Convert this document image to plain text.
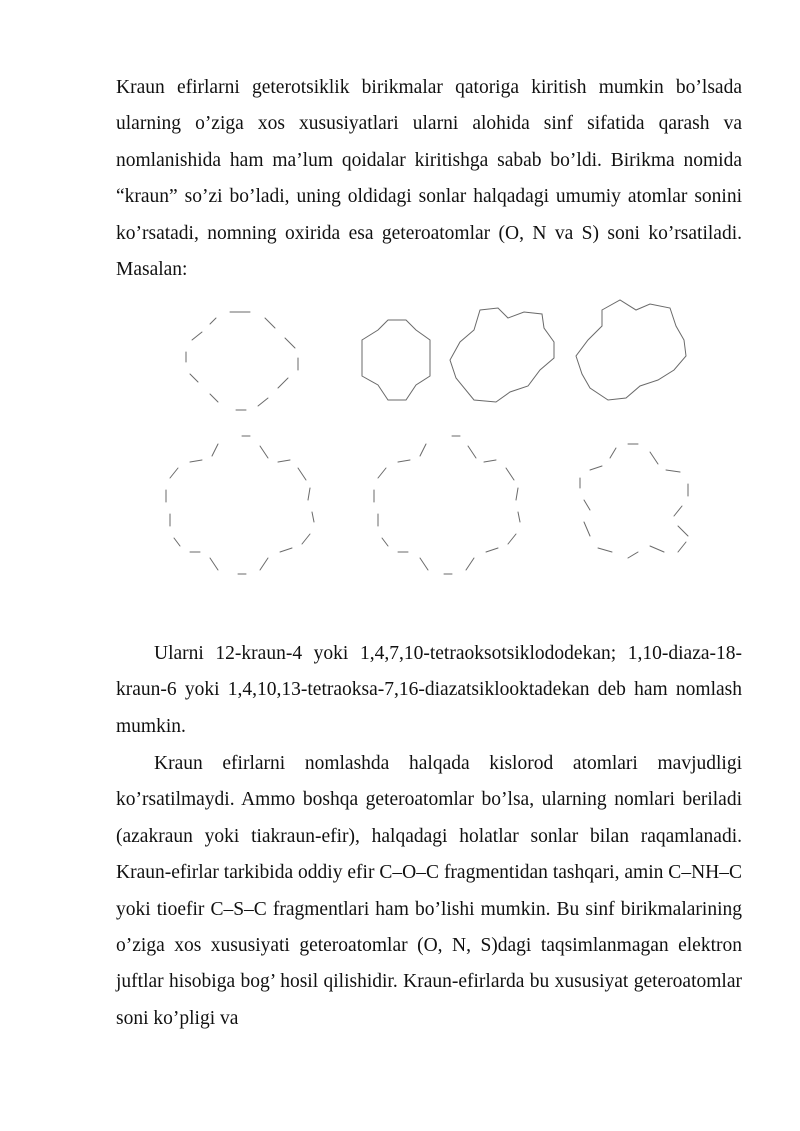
Kraun efirlarni geterotsiklik birikmalar qatoriga kiritish mumkin bo’lsada ularning o’ziga xos xususiyatlari ularni alohida sinf sifatida qarash va nomlanishida ham ma’lum qoidalar kiritishga sabab bo’ldi. Birikma nomida “kraun” so’zi bo’ladi, uning oldidagi sonlar halqadagi umumiy atomlar sonini ko’rsatadi, nomning oxirida esa geteroatomlar (O, N va S) soni ko’rsatiladi. Masalan:

Ularni 12-kraun-4 yoki 1,4,7,10-tetraoksotsiklododekan; 1,10-diaza-18-kraun-6 yoki 1,4,10,13-tetraoksa-7,16-diazatsiklooktadekan deb ham nomlash mumkin.

Kraun efirlarni nomlashda halqada kislorod atomlari mavjudligi ko’rsatilmaydi. Ammo boshqa geteroatomlar bo’lsa, ularning nomlari beriladi (azakraun yoki tiakraun-efir), halqadagi holatlar sonlar bilan raqamlanadi. Kraun-efirlar tarkibida oddiy efir C–O–C fragmentidan tashqari, amin C–NH–C yoki tioefir C–S–C fragmentlari ham bo’lishi mumkin. Bu sinf birikmalarining o’ziga xos xususiyati geteroatomlar (O, N, S)dagi taqsimlanmagan elektron juftlar hisobiga bog’ hosil qilishidir. Kraun-efirlarda bu xususiyat geteroatomlar soni ko’pligi va
